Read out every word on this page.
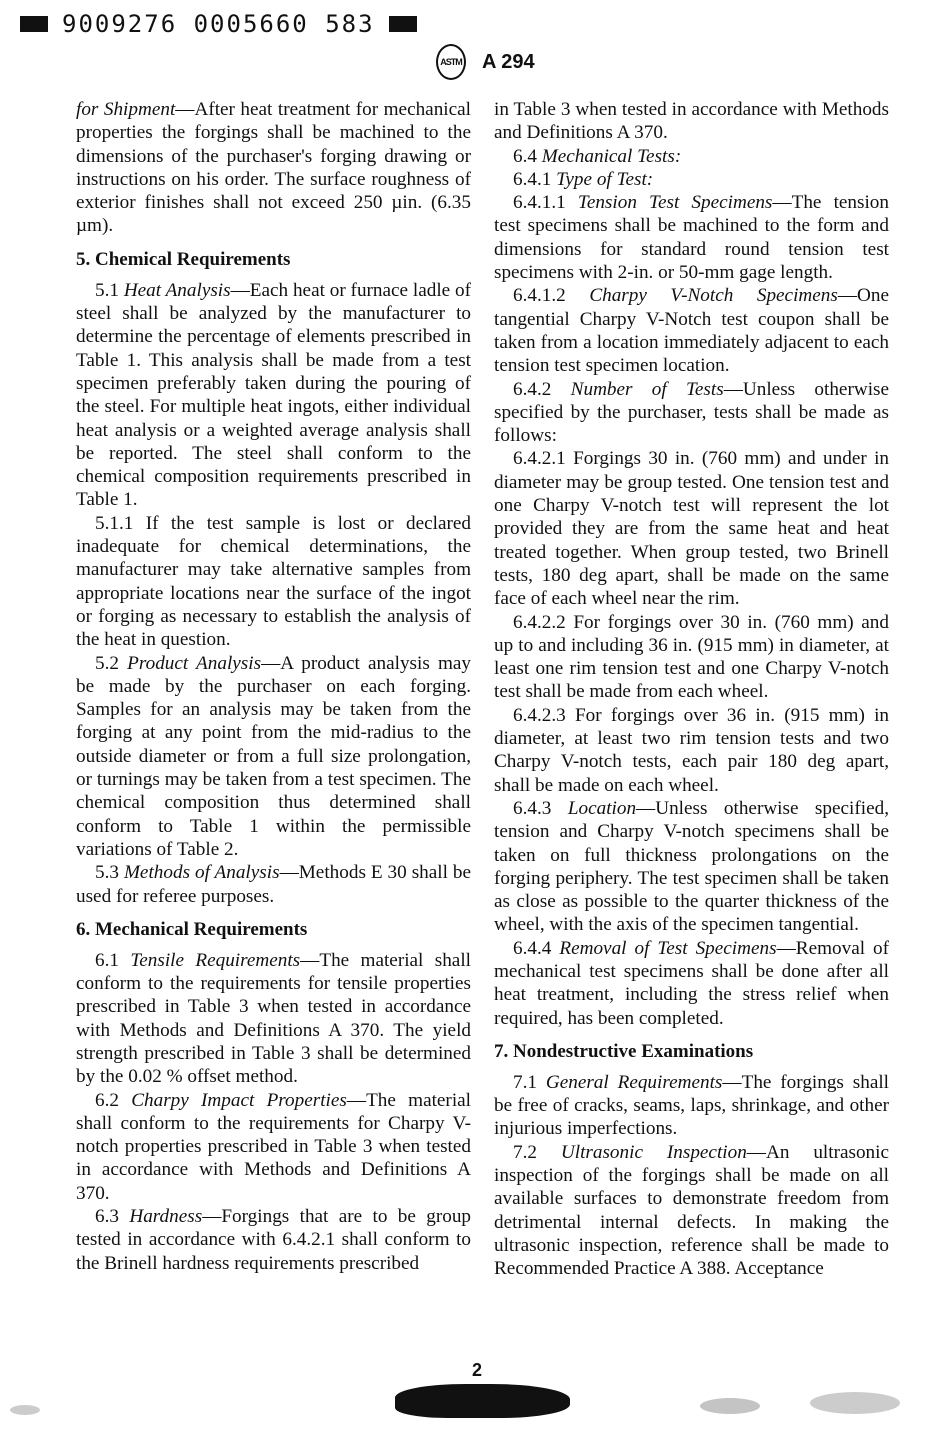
9009276 0005660 583
ASTM A 294

for Shipment—After heat treatment for mechanical properties the forgings shall be machined to the dimensions of the purchaser's forging drawing or instructions on his order. The surface roughness of exterior finishes shall not exceed 250 µin. (6.35 µm).

5. Chemical Requirements

5.1 Heat Analysis—Each heat or furnace ladle of steel shall be analyzed by the manufacturer to determine the percentage of elements prescribed in Table 1. This analysis shall be made from a test specimen preferably taken during the pouring of the steel. For multiple heat ingots, either individual heat analysis or a weighted average analysis shall be reported. The steel shall conform to the chemical composition requirements prescribed in Table 1.

5.1.1 If the test sample is lost or declared inadequate for chemical determinations, the manufacturer may take alternative samples from appropriate locations near the surface of the ingot or forging as necessary to establish the analysis of the heat in question.

5.2 Product Analysis—A product analysis may be made by the purchaser on each forging. Samples for an analysis may be taken from the forging at any point from the mid-radius to the outside diameter or from a full size prolongation, or turnings may be taken from a test specimen. The chemical composition thus determined shall conform to Table 1 within the permissible variations of Table 2.

5.3 Methods of Analysis—Methods E 30 shall be used for referee purposes.

6. Mechanical Requirements

6.1 Tensile Requirements—The material shall conform to the requirements for tensile properties prescribed in Table 3 when tested in accordance with Methods and Definitions A 370. The yield strength prescribed in Table 3 shall be determined by the 0.02 % offset method.

6.2 Charpy Impact Properties—The material shall conform to the requirements for Charpy V-notch properties prescribed in Table 3 when tested in accordance with Methods and Definitions A 370.

6.3 Hardness—Forgings that are to be group tested in accordance with 6.4.2.1 shall conform to the Brinell hardness requirements prescribed

in Table 3 when tested in accordance with Methods and Definitions A 370.

6.4 Mechanical Tests:

6.4.1 Type of Test:

6.4.1.1 Tension Test Specimens—The tension test specimens shall be machined to the form and dimensions for standard round tension test specimens with 2-in. or 50-mm gage length.

6.4.1.2 Charpy V-Notch Specimens—One tangential Charpy V-Notch test coupon shall be taken from a location immediately adjacent to each tension test specimen location.

6.4.2 Number of Tests—Unless otherwise specified by the purchaser, tests shall be made as follows:

6.4.2.1 Forgings 30 in. (760 mm) and under in diameter may be group tested. One tension test and one Charpy V-notch test will represent the lot provided they are from the same heat and heat treated together. When group tested, two Brinell tests, 180 deg apart, shall be made on the same face of each wheel near the rim.

6.4.2.2 For forgings over 30 in. (760 mm) and up to and including 36 in. (915 mm) in diameter, at least one rim tension test and one Charpy V-notch test shall be made from each wheel.

6.4.2.3 For forgings over 36 in. (915 mm) in diameter, at least two rim tension tests and two Charpy V-notch tests, each pair 180 deg apart, shall be made on each wheel.

6.4.3 Location—Unless otherwise specified, tension and Charpy V-notch specimens shall be taken on full thickness prolongations on the forging periphery. The test specimen shall be taken as close as possible to the quarter thickness of the wheel, with the axis of the specimen tangential.

6.4.4 Removal of Test Specimens—Removal of mechanical test specimens shall be done after all heat treatment, including the stress relief when required, has been completed.

7. Nondestructive Examinations

7.1 General Requirements—The forgings shall be free of cracks, seams, laps, shrinkage, and other injurious imperfections.

7.2 Ultrasonic Inspection—An ultrasonic inspection of the forgings shall be made on all available surfaces to demonstrate freedom from detrimental internal defects. In making the ultrasonic inspection, reference shall be made to Recommended Practice A 388. Acceptance

2
